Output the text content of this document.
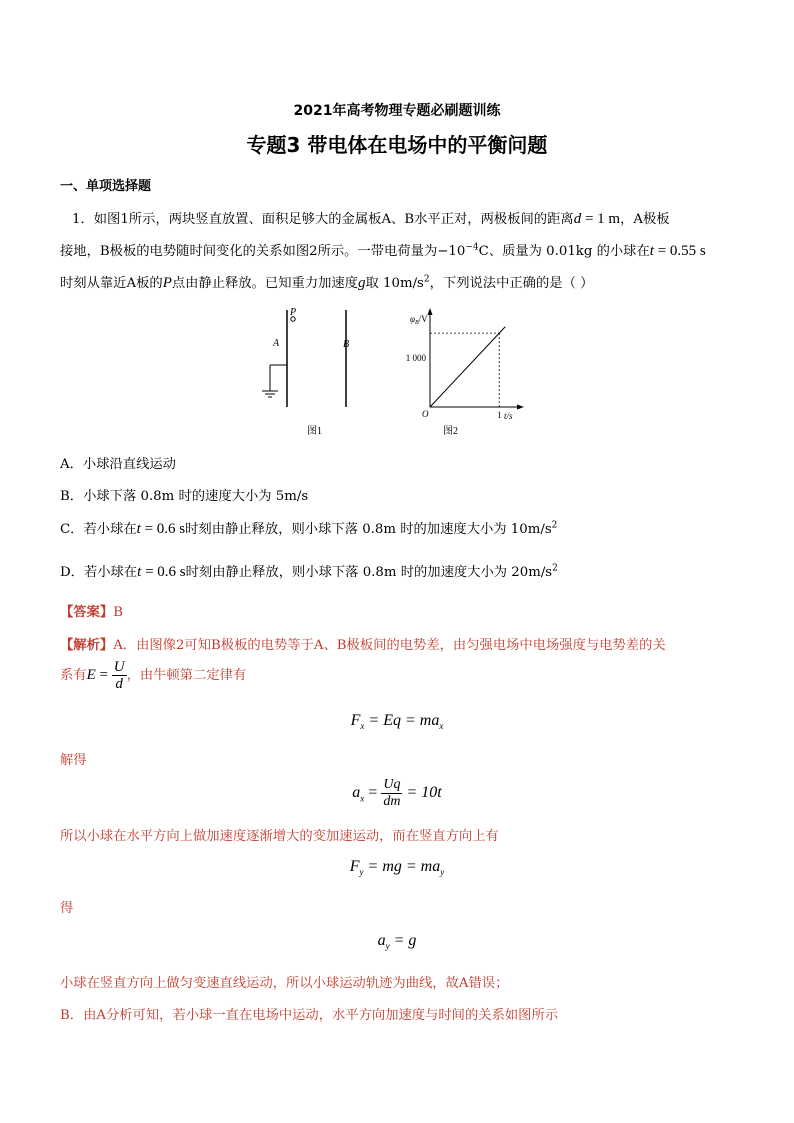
2021年高考物理专题必刷题训练
专题3 带电体在电场中的平衡问题
一、单项选择题
1．如图1所示，两块竖直放置、面积足够大的金属板A、B水平正对，两极板间的距离d = 1 m，A极板
接地，B极板的电势随时间变化的关系如图2所示。一带电荷量为$-10^{-4}C$、质量为 0.01kg 的小球在t = 0.55 s
时刻从靠近A板的P点由静止释放。已知重力加速度g取 $10m/s^2$，下列说法中正确的是（ ）
P
A	B
图1
$\varphi_B/V$
1 000
O	1 t/s
图2
A．小球沿直线运动
B．小球下落 0.8m 时的速度大小为 5m/s
C．若小球在t = 0.6 s时刻由静止释放，则小球下落 0.8m 时的加速度大小为 $10m/s^2$
D．若小球在t = 0.6 s时刻由静止释放，则小球下落 0.8m 时的加速度大小为 $20m/s^2$
【答案】B
【解析】A．由图像2可知B极板的电势等于A、B极板间的电势差，由匀强电场中电场强度与电势差的关
系有$E = \frac{U}{d}$ ，由牛顿第二定律有
$F_x = Eq = ma_x$
解得
$a_x = \frac{Uq}{dm} = 10t$
所以小球在水平方向上做加速度逐渐增大的变加速运动，而在竖直方向上有
$F_y$ = mg = $ma_y$
得
$a_y = g$
小球在竖直方向上做匀变速直线运动，所以小球运动轨迹为曲线，故A错误；
B．由A分析可知，若小球一直在电场中运动，水平方向加速度与时间的关系如图所示
